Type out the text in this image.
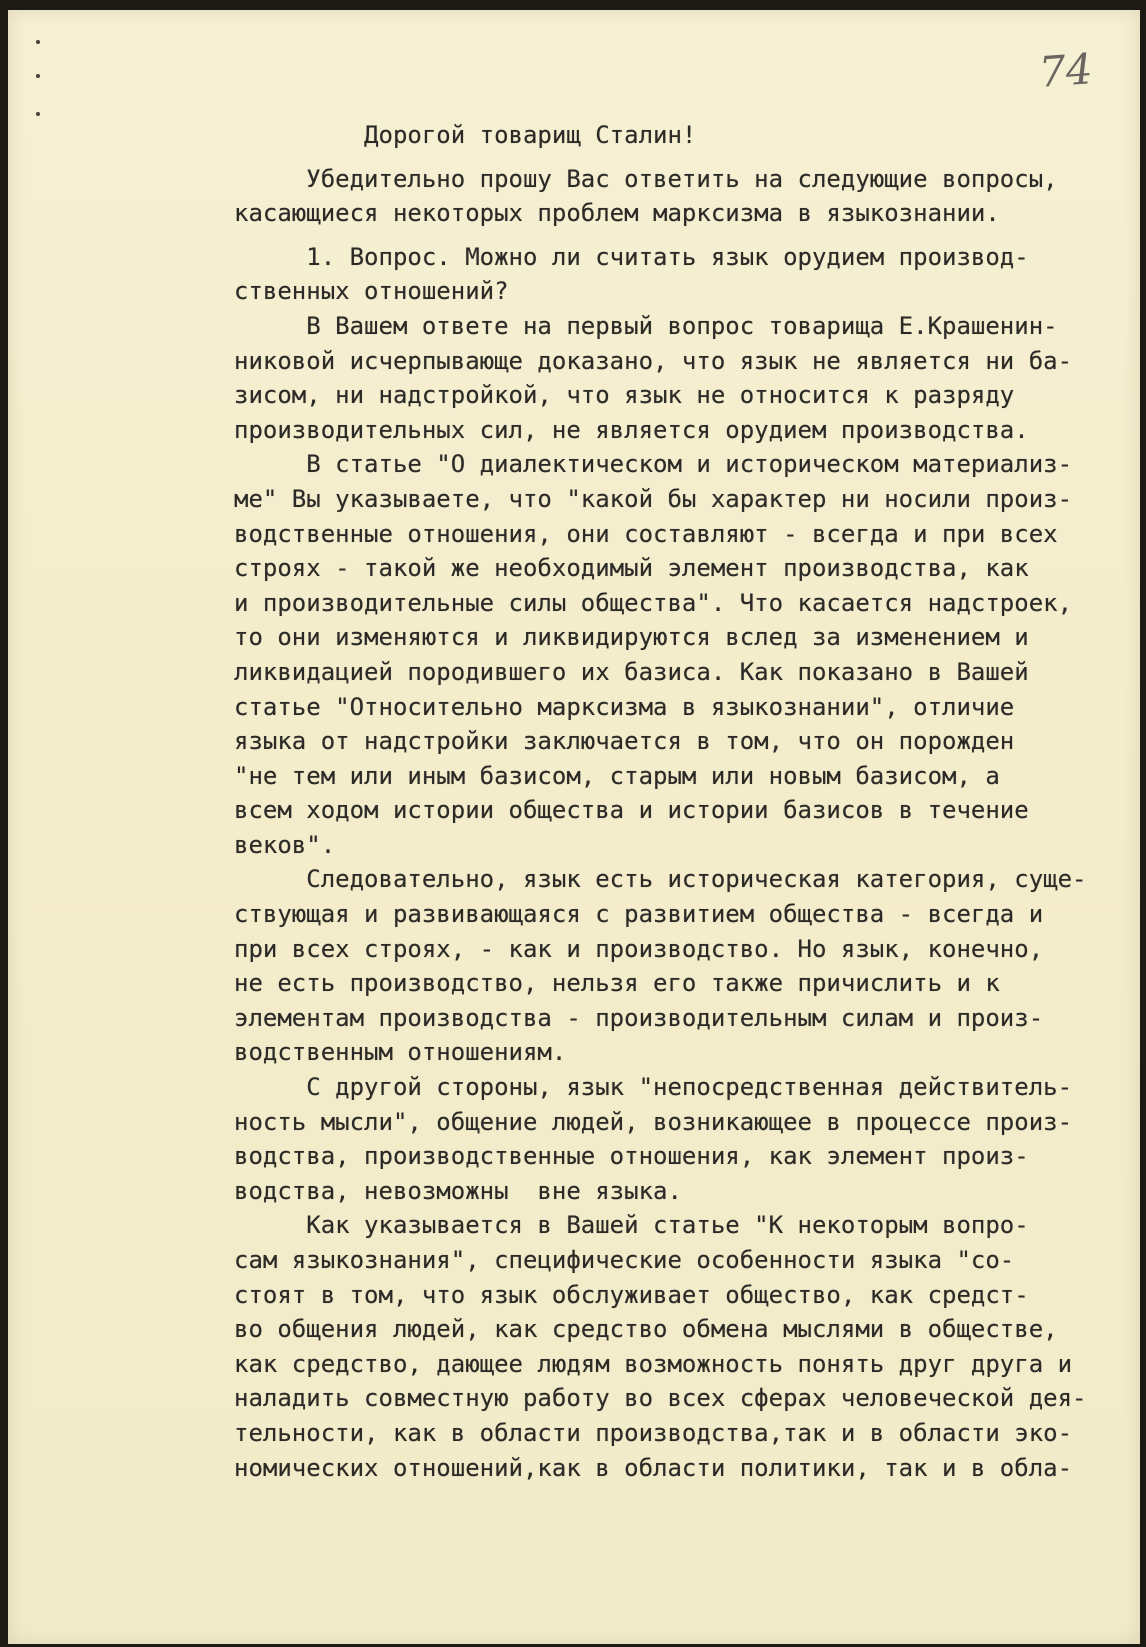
74
Дорогой товарищ Сталин!
Убедительно прошу Вас ответить на следующие вопросы,
касающиеся некоторых проблем марксизма в языкознании.
1. Вопрос. Можно ли считать язык орудием производ-
ственных отношений?
В Вашем ответе на первый вопрос товарища Е.Крашенин-
никовой исчерпывающе доказано, что язык не является ни ба-
зисом, ни надстройкой, что язык не относится к разряду
производительных сил, не является орудием производства.
В статье "О диалектическом и историческом материализ-
ме" Вы указываете, что "какой бы характер ни носили произ-
водственные отношения, они составляют - всегда и при всех
строях - такой же необходимый элемент производства, как
и производительные силы общества". Что касается надстроек,
то они изменяются и ликвидируются вслед за изменением и
ликвидацией породившего их базиса. Как показано в Вашей
статье "Относительно марксизма в языкознании", отличие
языка от надстройки заключается в том, что он порожден
"не тем или иным базисом, старым или новым базисом, а
всем ходом истории общества и истории базисов в течение
веков".
Следовательно, язык есть историческая категория, суще-
ствующая и развивающаяся с развитием общества - всегда и
при всех строях, - как и производство. Но язык, конечно,
не есть производство, нельзя его также причислить и к
элементам производства - производительным силам и произ-
водственным отношениям.
С другой стороны, язык "непосредственная действитель-
ность мысли", общение людей, возникающее в процессе произ-
водства, производственные отношения, как элемент произ-
водства, невозможны  вне языка.
Как указывается в Вашей статье "К некоторым вопро-
сам языкознания", специфические особенности языка "со-
стоят в том, что язык обслуживает общество, как средст-
во общения людей, как средство обмена мыслями в обществе,
как средство, дающее людям возможность понять друг друга и
наладить совместную работу во всех сферах человеческой дея-
тельности, как в области производства,так и в области эко-
номических отношений,как в области политики, так и в обла-
